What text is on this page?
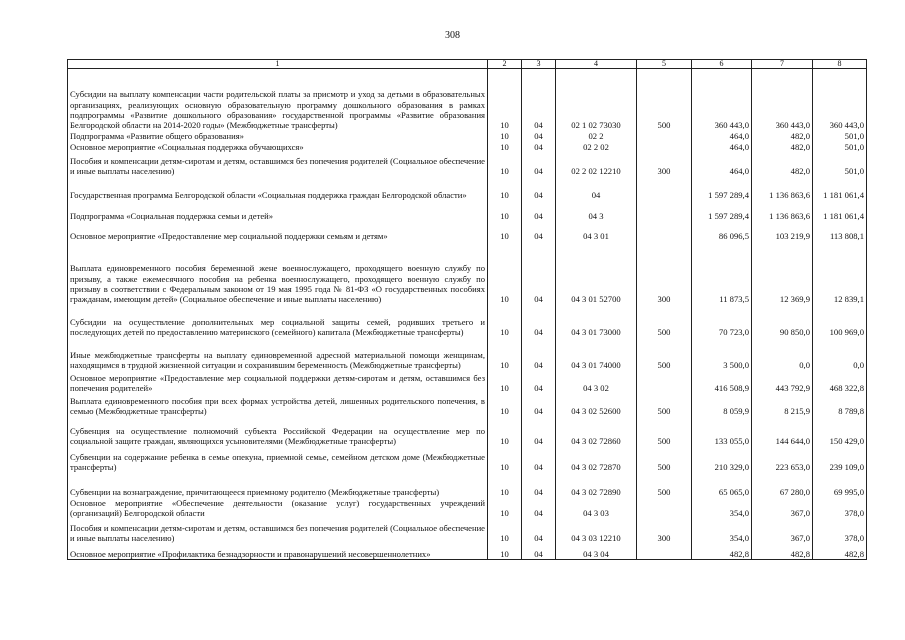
308
1	2	3	4	5	6	7	8
Субсидии на выплату компенсации части родительской платы за присмотр и уход за детьми в образовательных организациях, реализующих основную образовательную программу дошкольного образования в рамках подпрограммы «Развитие дошкольного образования» государственной программы «Развитие образования Белгородской области на 2014-2020 годы» (Межбюджетные трансферты)	10	04	02 1 02 73030	500	360 443,0	360 443,0	360 443,0
Подпрограмма «Развитие общего образования»	10	04	02 2		464,0	482,0	501,0
Основное мероприятие «Социальная поддержка обучающихся»	10	04	02 2 02		464,0	482,0	501,0
Пособия и компенсации детям-сиротам и детям, оставшимся без попечения родителей (Социальное обеспечение и иные выплаты населению)	10	04	02 2 02 12210	300	464,0	482,0	501,0
Государственная программа Белгородской области «Социальная поддержка граждан Белгородской области»	10	04	04		1 597 289,4	1 136 863,6	1 181 061,4
Подпрограмма «Социальная поддержка семьи и детей»	10	04	04 3		1 597 289,4	1 136 863,6	1 181 061,4
Основное мероприятие «Предоставление мер социальной поддержки семьям и детям»	10	04	04 3 01		86 096,5	103 219,9	113 808,1
Выплата единовременного пособия беременной жене военнослужащего, проходящего военную службу по призыву, а также ежемесячного пособия на ребенка военнослужащего, проходящего военную службу по призыву в соответствии с Федеральным законом от 19 мая 1995 года № 81-ФЗ «О государственных пособиях гражданам, имеющим детей» (Социальное обеспечение и иные выплаты населению)	10	04	04 3 01 52700	300	11 873,5	12 369,9	12 839,1
Субсидии на осуществление дополнительных мер социальной защиты семей, родивших третьего и последующих детей по предоставлению материнского (семейного) капитала (Межбюджетные трансферты)	10	04	04 3 01 73000	500	70 723,0	90 850,0	100 969,0
Иные межбюджетные трансферты на выплату единовременной адресной материальной помощи женщинам, находящимся в трудной жизненной ситуации и сохранившим беременность (Межбюджетные трансферты)	10	04	04 3 01 74000	500	3 500,0	0,0	0,0
Основное мероприятие «Предоставление мер социальной поддержки детям-сиротам и детям, оставшимся без попечения родителей»	10	04	04 3 02		416 508,9	443 792,9	468 322,8
Выплата единовременного пособия при всех формах устройства детей, лишенных родительского попечения, в семью (Межбюджетные трансферты)	10	04	04 3 02 52600	500	8 059,9	8 215,9	8 789,8
Субвенция на осуществление полномочий субъекта Российской Федерации на осуществление мер по социальной защите граждан, являющихся усыновителями (Межбюджетные трансферты)	10	04	04 3 02 72860	500	133 055,0	144 644,0	150 429,0
Субвенции на содержание ребенка в семье опекуна, приемной семье, семейном детском доме (Межбюджетные трансферты)	10	04	04 3 02 72870	500	210 329,0	223 653,0	239 109,0
Субвенции на вознаграждение, причитающееся приемному родителю (Межбюджетные трансферты)	10	04	04 3 02 72890	500	65 065,0	67 280,0	69 995,0
Основное мероприятие «Обеспечение деятельности (оказание услуг) государственных учреждений (организаций) Белгородской области	10	04	04 3 03		354,0	367,0	378,0
Пособия и компенсации детям-сиротам и детям, оставшимся без попечения родителей (Социальное обеспечение и иные выплаты населению)	10	04	04 3 03 12210	300	354,0	367,0	378,0
Основное мероприятие «Профилактика безнадзорности и правонарушений несовершеннолетних»	10	04	04 3 04		482,8	482,8	482,8
